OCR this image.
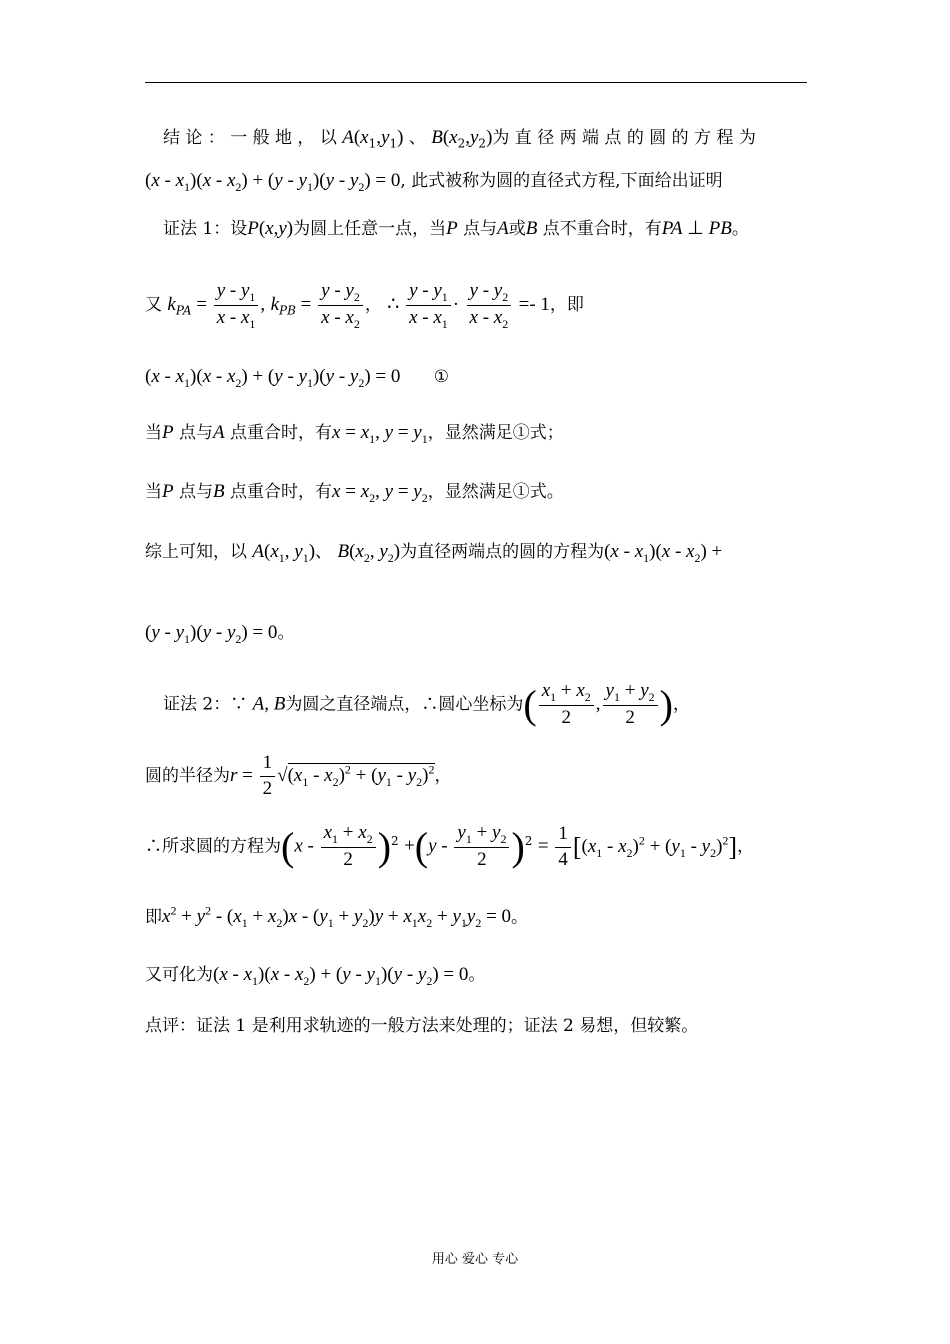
结 论 ： 一 般 地 ， 以 $A(x_1,y_1)$ 、 $B(x_2,y_2)$为 直 径 两 端 点 的 圆 的 方 程 为
$(x - x_1)(x - x_2) + (y - y_1)(y - y_2) = 0$, 此式被称为圆的直径式方程,下面给出证明
证法 1：设P(x,y)为圆上任意一点，当P 点与A或B 点不重合时，有PA ⊥ PB。
又 $k_{PA} = \frac{y - y_1}{x - x_1}$ , $k_{PB} = \frac{y - y_2}{x - x_2}$ ， ∴ $\frac{y - y_1}{x - x_1} \cdot \frac{y - y_2}{x - x_2} =- 1$，即
$(x - x_1)(x - x_2) + (y - y_1)(y - y_2) = 0$ ①
当P 点与A 点重合时，有$x = x_1$, $y = y_1$，显然满足①式；
当P 点与B 点重合时，有$x = x_2$, $y = y_2$，显然满足①式。
综上可知，以 $A(x_1$, $y_1$)、 $B(x_2$, $y_2$)为直径两端点的圆的方程为$(x - x_1)(x - x_2)$ +
$(y - y_1)(y - y_2) = 0$。
证法 2：∵ A, B为圆之直径端点，∴圆心坐标为( $\frac{x_1 + x_2}{2}$ , $\frac{y_1 + y_2}{2}$ )，
圆的半径为$r = \frac{1}{2} √(x_1 - x_2)^2 + (y_1 - y_2)^2$，
∴所求圆的方程为$(x - \frac{x_1 + x_2}{2} )^2 +(y - \frac{y_1 + y_2}{2} )^2 = \frac{1}{4} [(x_1 - x_2)^2 + (y_1 - y_2)^2]$，
即$x^2 + y^2 - (x_1 + x_2)x - (y_1 + y_2)y + x_1x_2 + y_1y_2 = 0$。
又可化为$(x - x_1)(x - x_2) + (y - y_1)(y - y_2) = 0$。
点评：证法 1 是利用求轨迹的一般方法来处理的；证法 2 易想，但较繁。
用心 爱心 专心
